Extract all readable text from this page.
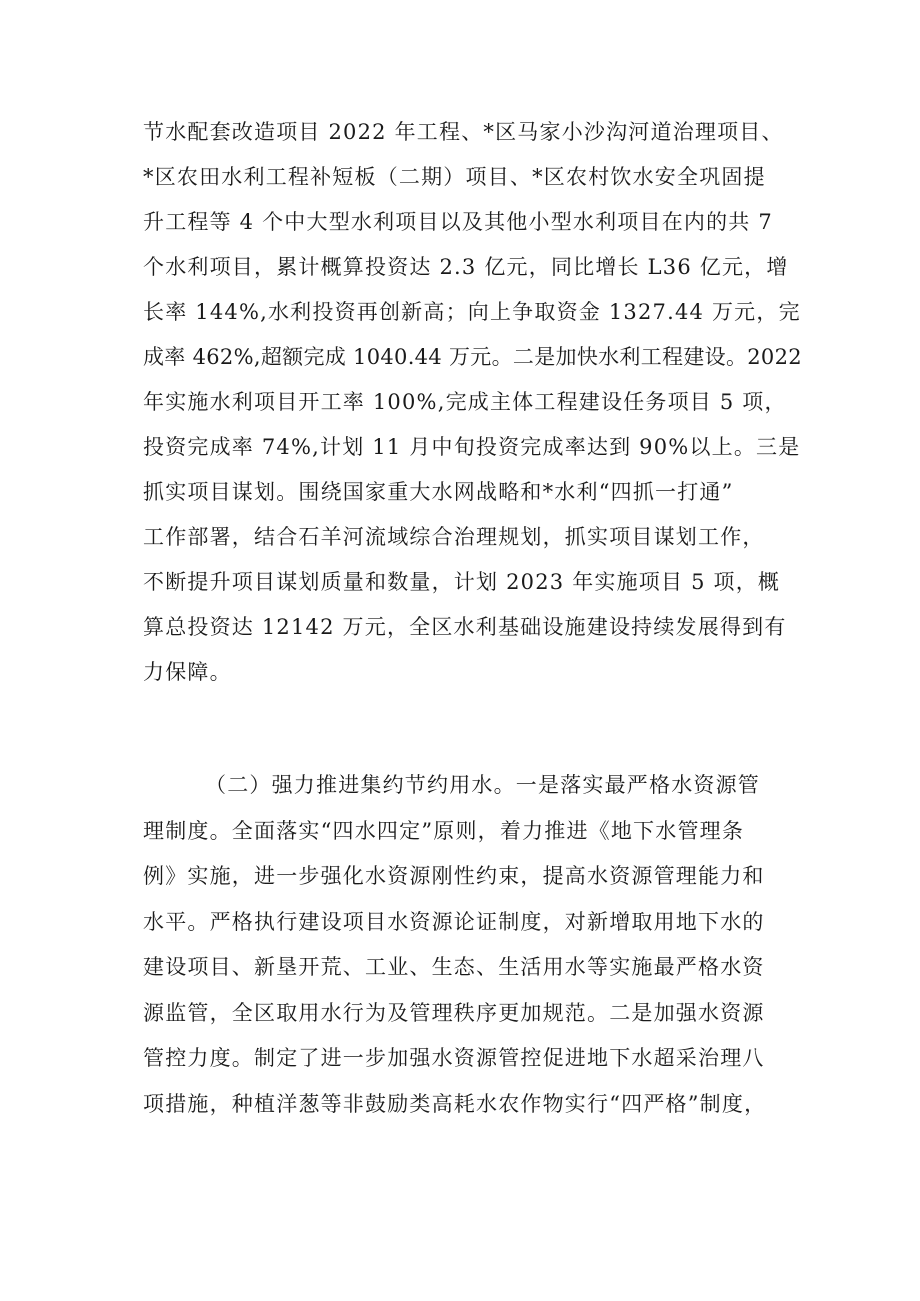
节水配套改造项目 2022 年工程、*区马家小沙沟河道治理项目、
*区农田水利工程补短板（二期）项目、*区农村饮水安全巩固提
升工程等 4 个中大型水利项目以及其他小型水利项目在内的共 7
个水利项目，累计概算投资达 2.3 亿元，同比增长 L36 亿元，增
长率 144%,水利投资再创新高；向上争取资金 1327.44 万元，完
成率 462%,超额完成 1040.44 万元。二是加快水利工程建设。2022
年实施水利项目开工率 100%,完成主体工程建设任务项目 5 项，
投资完成率 74%,计划 11 月中旬投资完成率达到 90%以上。三是
抓实项目谋划。围绕国家重大水网战略和*水利“四抓一打通”
工作部署，结合石羊河流域综合治理规划，抓实项目谋划工作，
不断提升项目谋划质量和数量，计划 2023 年实施项目 5 项，概
算总投资达 12142 万元，全区水利基础设施建设持续发展得到有
力保障。
（二）强力推进集约节约用水。一是落实最严格水资源管
理制度。全面落实“四水四定”原则，着力推进《地下水管理条
例》实施，进一步强化水资源刚性约束，提高水资源管理能力和
水平。严格执行建设项目水资源论证制度，对新增取用地下水的
建设项目、新垦开荒、工业、生态、生活用水等实施最严格水资
源监管，全区取用水行为及管理秩序更加规范。二是加强水资源
管控力度。制定了进一步加强水资源管控促进地下水超采治理八
项措施，种植洋葱等非鼓励类高耗水农作物实行“四严格”制度，
